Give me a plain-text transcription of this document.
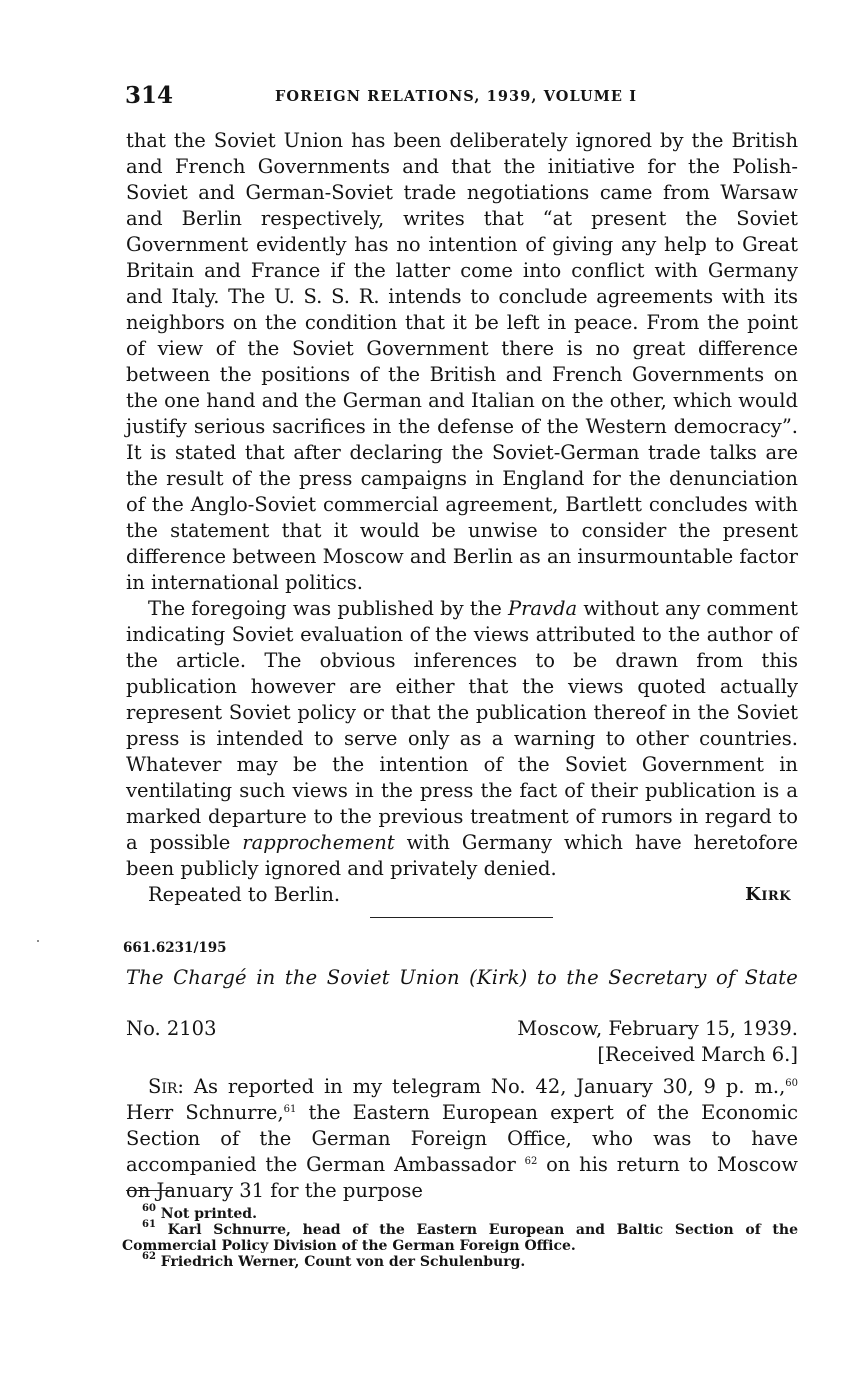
314	FOREIGN RELATIONS, 1939, VOLUME I

that the Soviet Union has been deliberately ignored by the British and French Governments and that the initiative for the Polish-Soviet and German-Soviet trade negotiations came from Warsaw and Berlin respectively, writes that “at present the Soviet Government evidently has no intention of giving any help to Great Britain and France if the latter come into conflict with Germany and Italy. The U. S. S. R. intends to conclude agreements with its neighbors on the condition that it be left in peace. From the point of view of the Soviet Government there is no great difference between the positions of the British and French Governments on the one hand and the German and Italian on the other, which would justify serious sacrifices in the defense of the Western democracy”. It is stated that after declaring the Soviet-German trade talks are the result of the press campaigns in England for the denunciation of the Anglo-Soviet commercial agreement, Bartlett concludes with the statement that it would be unwise to consider the present difference between Moscow and Berlin as an insurmountable factor in international politics.

The foregoing was published by the Pravda without any comment indicating Soviet evaluation of the views attributed to the author of the article. The obvious inferences to be drawn from this publication however are either that the views quoted actually represent Soviet policy or that the publication thereof in the Soviet press is intended to serve only as a warning to other countries. Whatever may be the intention of the Soviet Government in ventilating such views in the press the fact of their publication is a marked departure to the previous treatment of rumors in regard to a possible rapprochement with Germany which have heretofore been publicly ignored and privately denied.

Repeated to Berlin.	Kirk
661.6231/195
The Chargé in the Soviet Union (Kirk) to the Secretary of State
No. 2103	Moscow, February 15, 1939.
[Received March 6.]

Sir: As reported in my telegram No. 42, January 30, 9 p. m.,$^{60}$ Herr Schnurre,$^{61}$ the Eastern European expert of the Economic Section of the German Foreign Office, who was to have accompanied the German Ambassador $^{62}$ on his return to Moscow on January 31 for the purpose

$^{60}$ Not printed.

$^{61}$ Karl Schnurre, head of the Eastern European and Baltic Section of the Commercial Policy Division of the German Foreign Office.

$^{62}$ Friedrich Werner, Count von der Schulenburg.
